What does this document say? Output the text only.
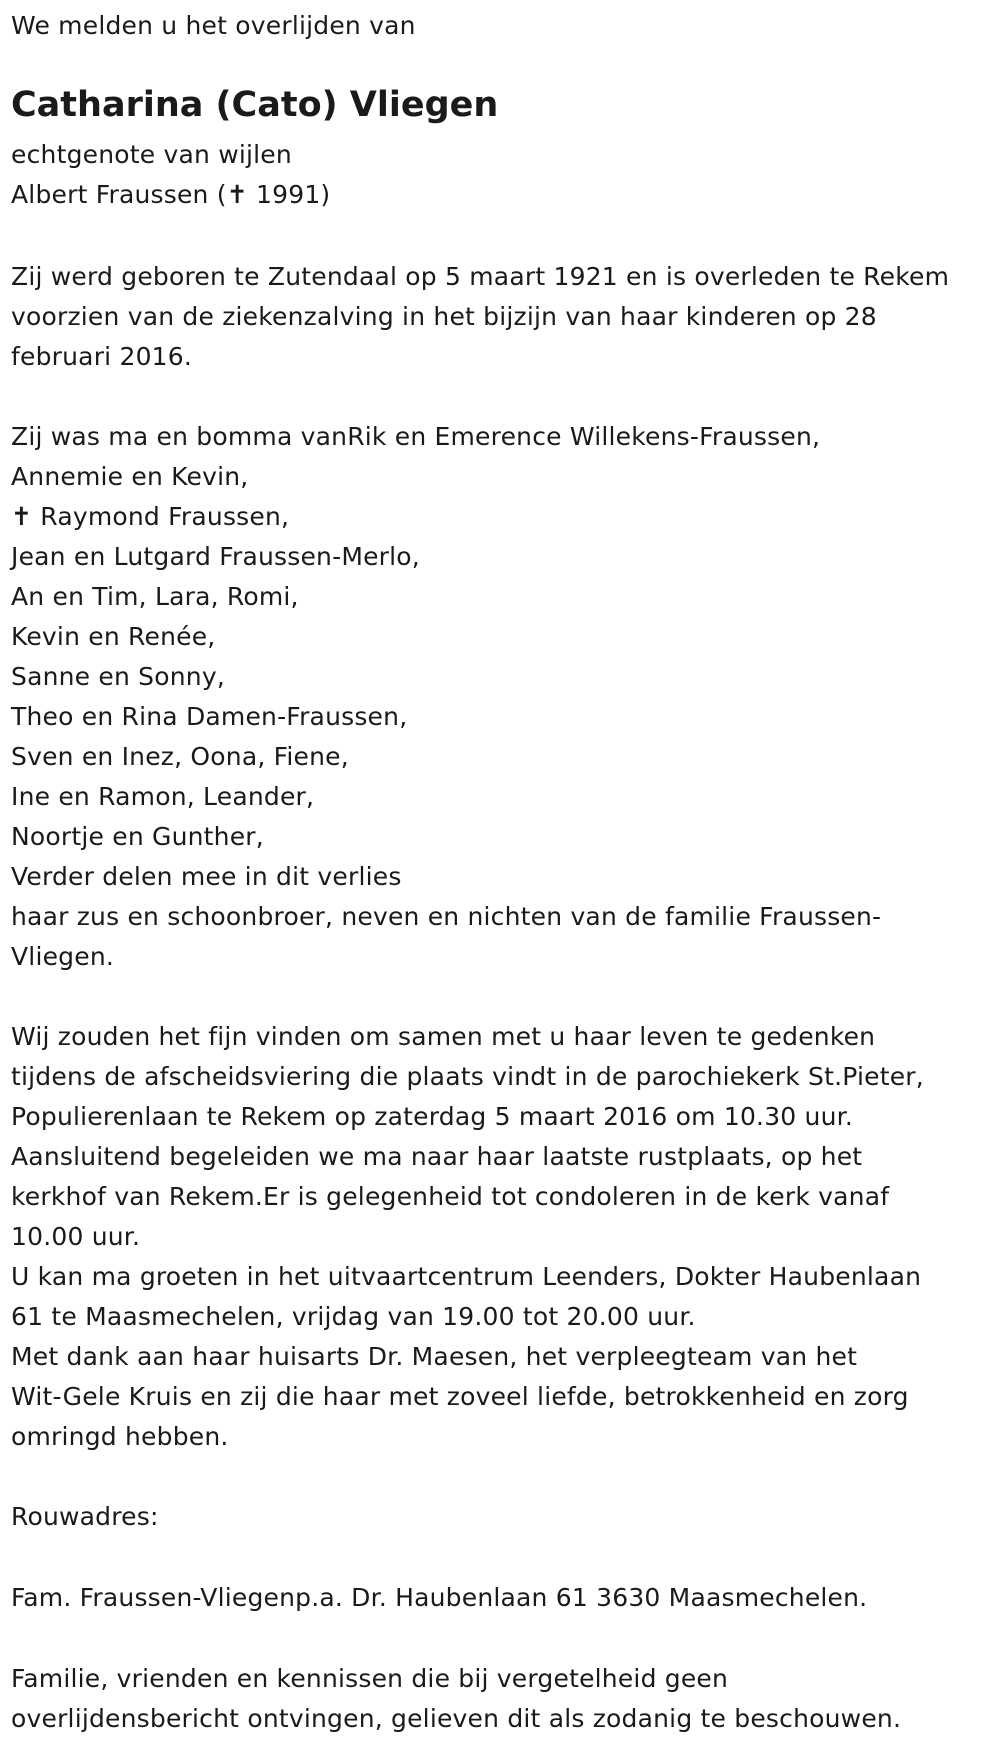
We melden u het overlijden van
Catharina (Cato) Vliegen
echtgenote van wijlen
Albert Fraussen (✝ 1991)
Zij werd geboren te Zutendaal op 5 maart 1921 en is overleden te Rekem
voorzien van de ziekenzalving in het bijzijn van haar kinderen op 28
februari 2016.
Zij was ma en bomma vanRik en Emerence Willekens-Fraussen,
Annemie en Kevin,
✝ Raymond Fraussen,
Jean en Lutgard Fraussen-Merlo,
An en Tim, Lara, Romi,
Kevin en Renée,
Sanne en Sonny,
Theo en Rina Damen-Fraussen,
Sven en Inez, Oona, Fiene,
Ine en Ramon, Leander,
Noortje en Gunther,
Verder delen mee in dit verlies
haar zus en schoonbroer, neven en nichten van de familie Fraussen-
Vliegen.
Wij zouden het fijn vinden om samen met u haar leven te gedenken
tijdens de afscheidsviering die plaats vindt in de parochiekerk St.Pieter,
Populierenlaan te Rekem op zaterdag 5 maart 2016 om 10.30 uur.
Aansluitend begeleiden we ma naar haar laatste rustplaats, op het
kerkhof van Rekem.Er is gelegenheid tot condoleren in de kerk vanaf
10.00 uur.
U kan ma groeten in het uitvaartcentrum Leenders, Dokter Haubenlaan
61 te Maasmechelen, vrijdag van 19.00 tot 20.00 uur.
Met dank aan haar huisarts Dr. Maesen, het verpleegteam van het
Wit-Gele Kruis en zij die haar met zoveel liefde, betrokkenheid en zorg
omringd hebben.
Rouwadres:
Fam. Fraussen-Vliegenp.a. Dr. Haubenlaan 61 3630 Maasmechelen.
Familie, vrienden en kennissen die bij vergetelheid geen
overlijdensbericht ontvingen, gelieven dit als zodanig te beschouwen.
